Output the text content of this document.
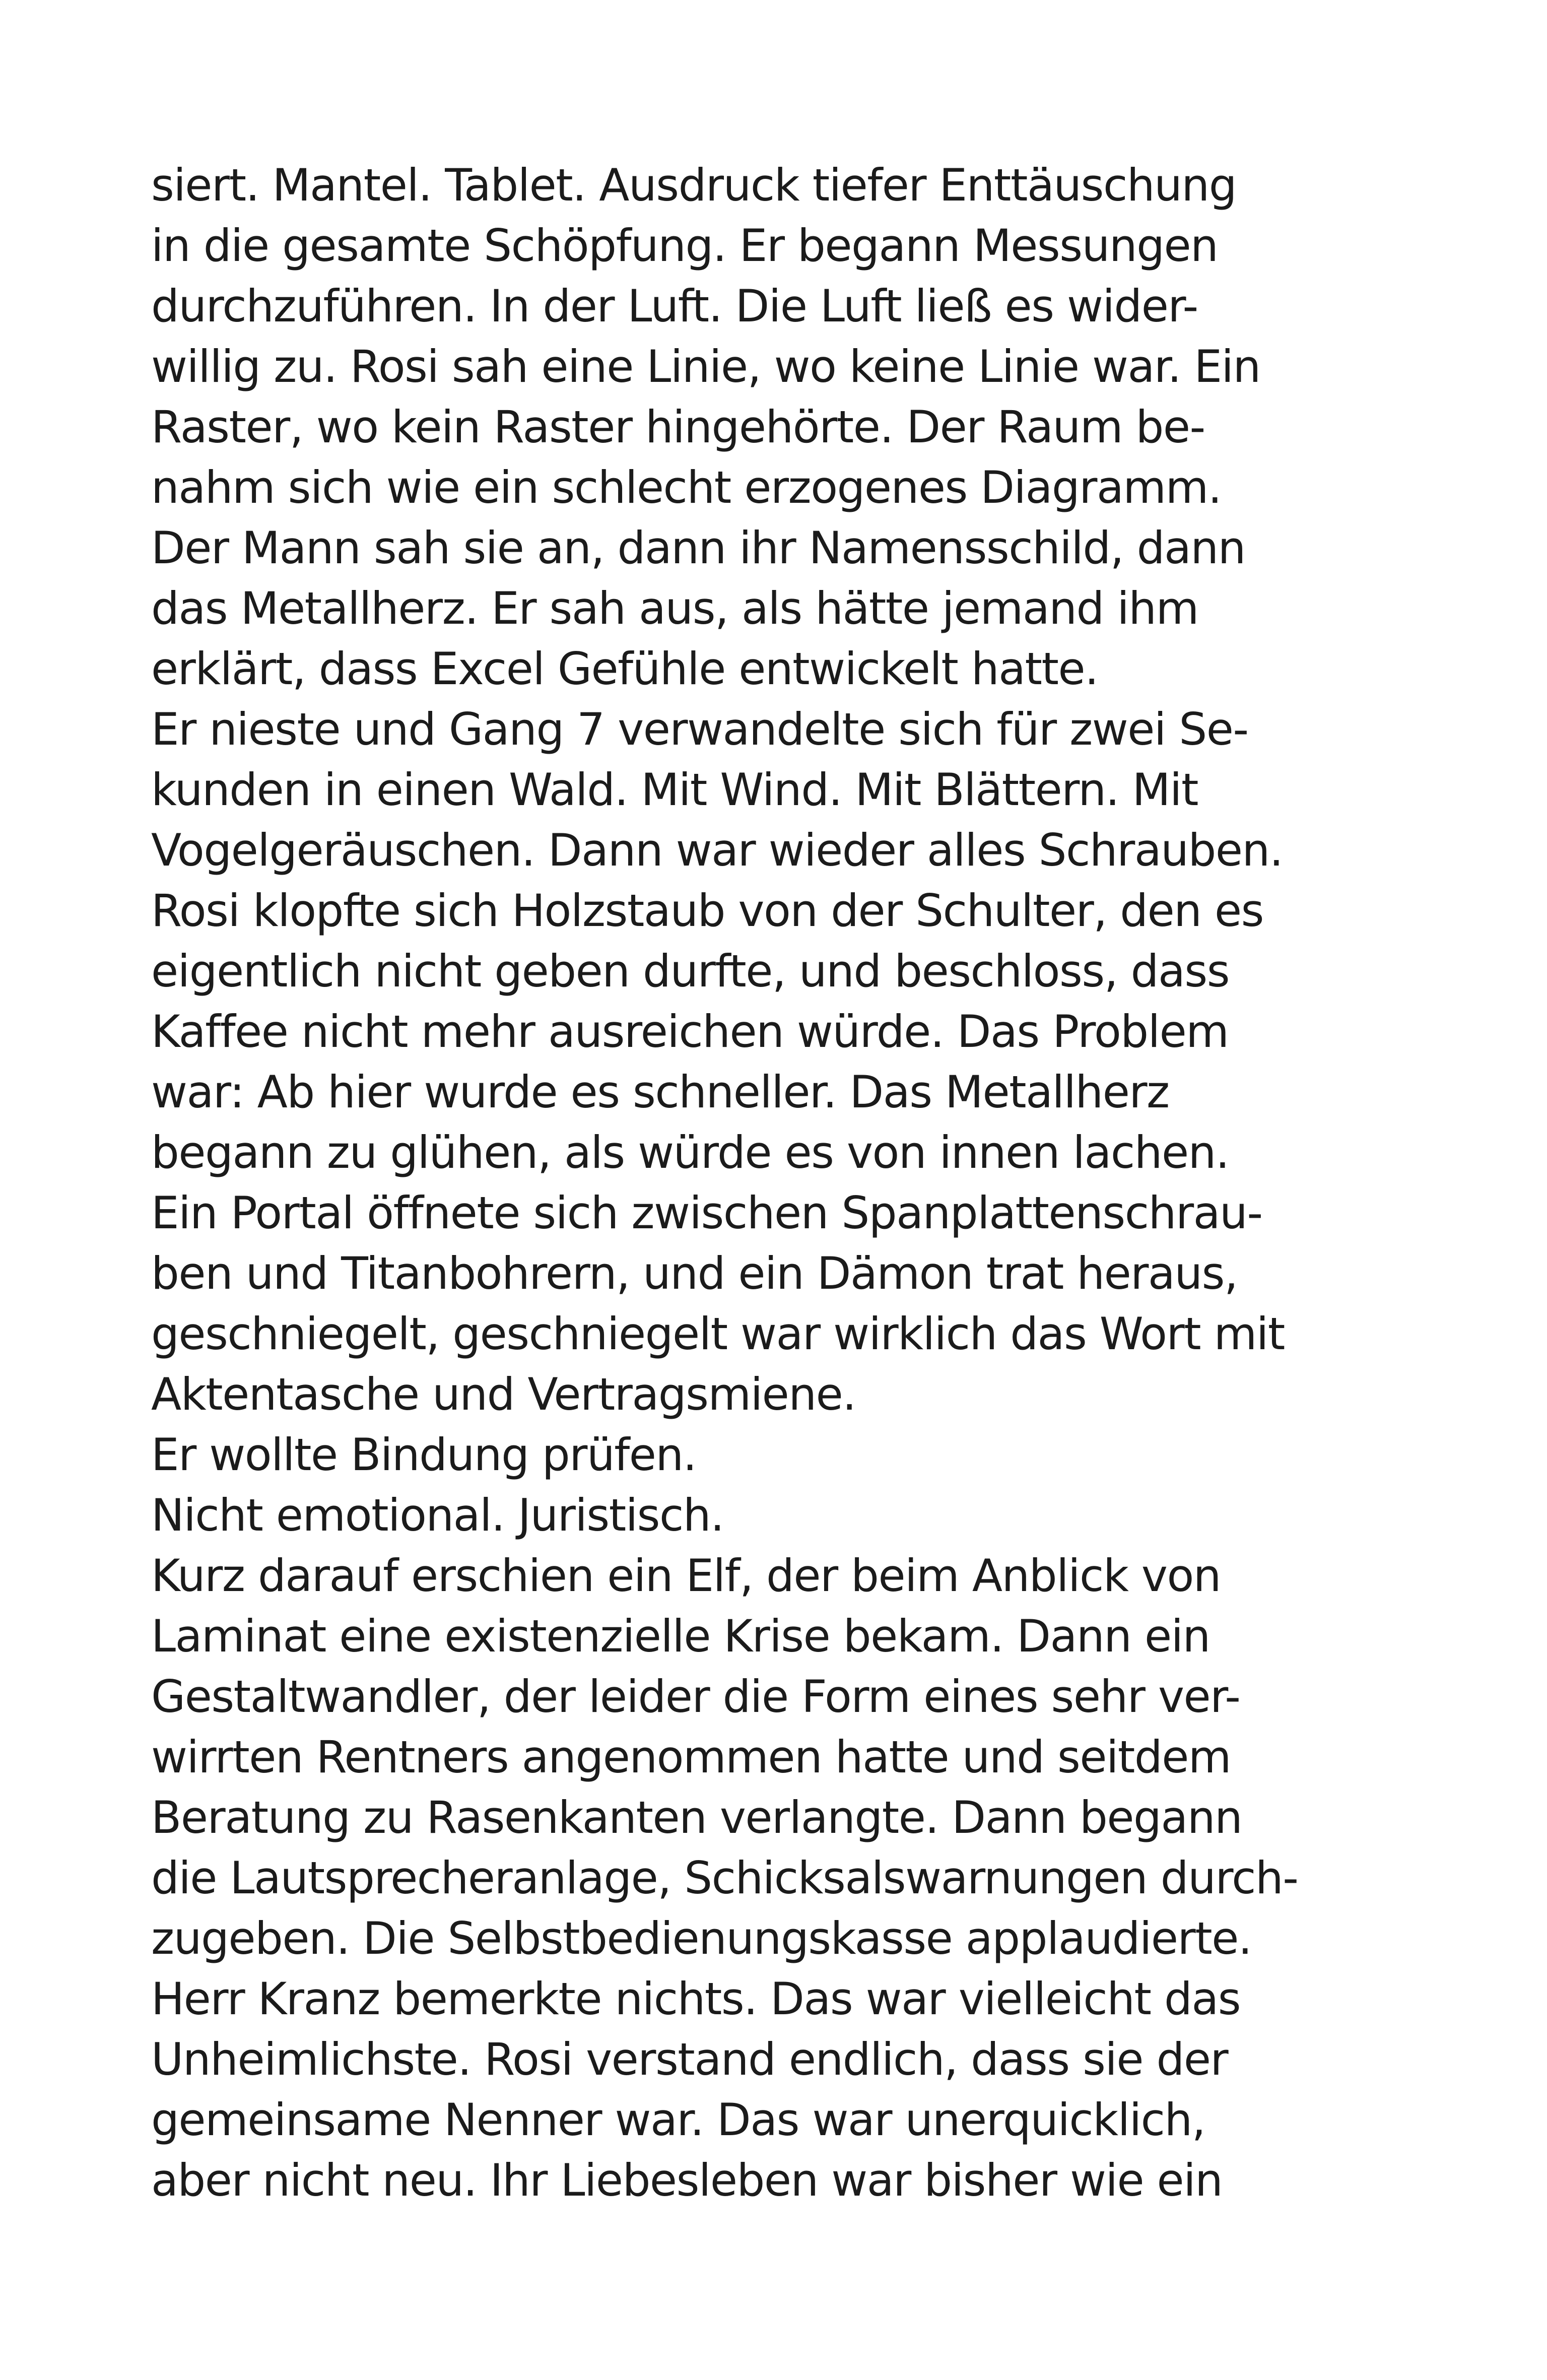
siert. Mantel. Tablet. Ausdruck tiefer Enttäuschung
in die gesamte Schöpfung. Er begann Messungen
durchzuführen. In der Luft. Die Luft ließ es wider-
willig zu. Rosi sah eine Linie, wo keine Linie war. Ein
Raster, wo kein Raster hingehörte. Der Raum be-
nahm sich wie ein schlecht erzogenes Diagramm.
Der Mann sah sie an, dann ihr Namensschild, dann
das Metallherz. Er sah aus, als hätte jemand ihm
erklärt, dass Excel Gefühle entwickelt hatte.
Er nieste und Gang 7 verwandelte sich für zwei Se-
kunden in einen Wald. Mit Wind. Mit Blättern. Mit
Vogelgeräuschen. Dann war wieder alles Schrauben.
Rosi klopfte sich Holzstaub von der Schulter, den es
eigentlich nicht geben durfte, und beschloss, dass
Kaffee nicht mehr ausreichen würde. Das Problem
war: Ab hier wurde es schneller. Das Metallherz
begann zu glühen, als würde es von innen lachen.
Ein Portal öffnete sich zwischen Spanplattenschrau-
ben und Titanbohrern, und ein Dämon trat heraus,
geschniegelt, geschniegelt war wirklich das Wort mit
Aktentasche und Vertragsmiene.
Er wollte Bindung prüfen.
Nicht emotional. Juristisch.
Kurz darauf erschien ein Elf, der beim Anblick von
Laminat eine existenzielle Krise bekam. Dann ein
Gestaltwandler, der leider die Form eines sehr ver-
wirrten Rentners angenommen hatte und seitdem
Beratung zu Rasenkanten verlangte. Dann begann
die Lautsprecheranlage, Schicksalswarnungen durch-
zugeben. Die Selbstbedienungskasse applaudierte.
Herr Kranz bemerkte nichts. Das war vielleicht das
Unheimlichste. Rosi verstand endlich, dass sie der
gemeinsame Nenner war. Das war unerquicklich,
aber nicht neu. Ihr Liebesleben war bisher wie ein
